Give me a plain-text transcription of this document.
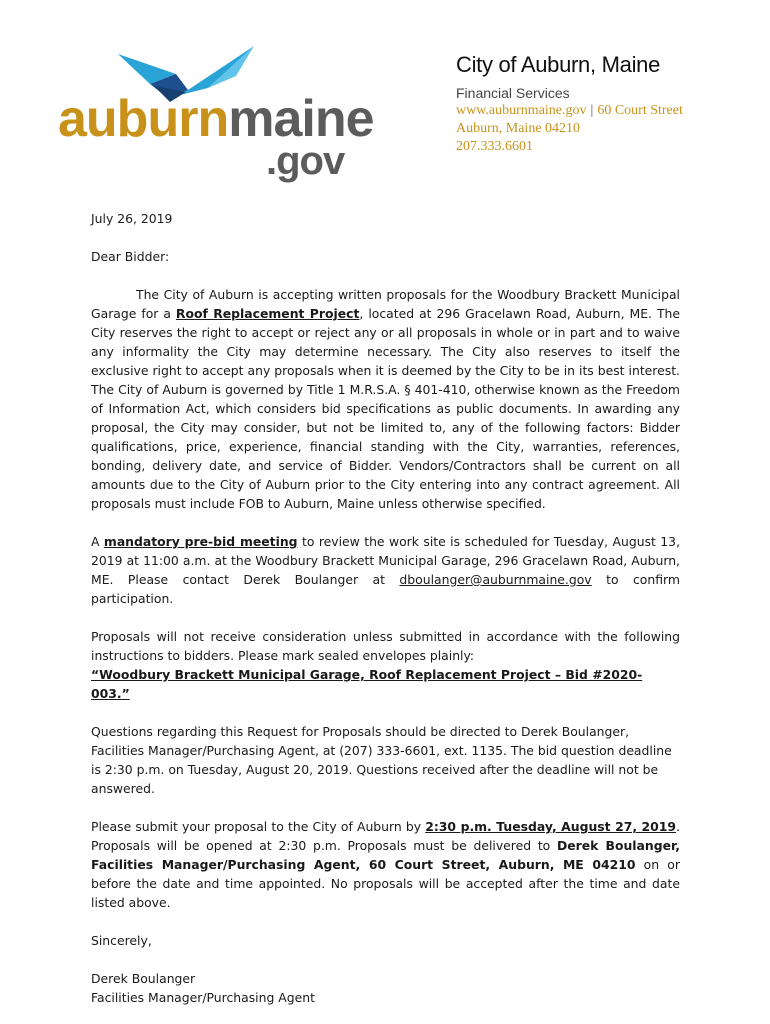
auburnmaine
.gov
City of Auburn, Maine
Financial Services
www.auburnmaine.gov | 60 Court Street
Auburn, Maine 04210
207.333.6601

July 26, 2019

Dear Bidder:

The City of Auburn is accepting written proposals for the Woodbury Brackett Municipal Garage for a Roof Replacement Project, located at 296 Gracelawn Road, Auburn, ME. The City reserves the right to accept or reject any or all proposals in whole or in part and to waive any informality the City may determine necessary. The City also reserves to itself the exclusive right to accept any proposals when it is deemed by the City to be in its best interest. The City of Auburn is governed by Title 1 M.R.S.A. § 401-410, otherwise known as the Freedom of Information Act, which considers bid specifications as public documents. In awarding any proposal, the City may consider, but not be limited to, any of the following factors: Bidder qualifications, price, experience, financial standing with the City, warranties, references, bonding, delivery date, and service of Bidder. Vendors/Contractors shall be current on all amounts due to the City of Auburn prior to the City entering into any contract agreement. All proposals must include FOB to Auburn, Maine unless otherwise specified.

A mandatory pre-bid meeting to review the work site is scheduled for Tuesday, August 13, 2019 at 11:00 a.m. at the Woodbury Brackett Municipal Garage, 296 Gracelawn Road, Auburn, ME. Please contact Derek Boulanger at dboulanger@auburnmaine.gov to confirm participation.

Proposals will not receive consideration unless submitted in accordance with the following instructions to bidders. Please mark sealed envelopes plainly:

“Woodbury Brackett Municipal Garage, Roof Replacement Project – Bid #2020-003.”

Questions regarding this Request for Proposals should be directed to Derek Boulanger, Facilities Manager/Purchasing Agent, at (207) 333-6601, ext. 1135. The bid question deadline is 2:30 p.m. on Tuesday, August 20, 2019. Questions received after the deadline will not be answered.

Please submit your proposal to the City of Auburn by 2:30 p.m. Tuesday, August 27, 2019. Proposals will be opened at 2:30 p.m. Proposals must be delivered to Derek Boulanger, Facilities Manager/Purchasing Agent, 60 Court Street, Auburn, ME 04210 on or before the date and time appointed. No proposals will be accepted after the time and date listed above.

Sincerely,

Derek Boulanger

Facilities Manager/Purchasing Agent
